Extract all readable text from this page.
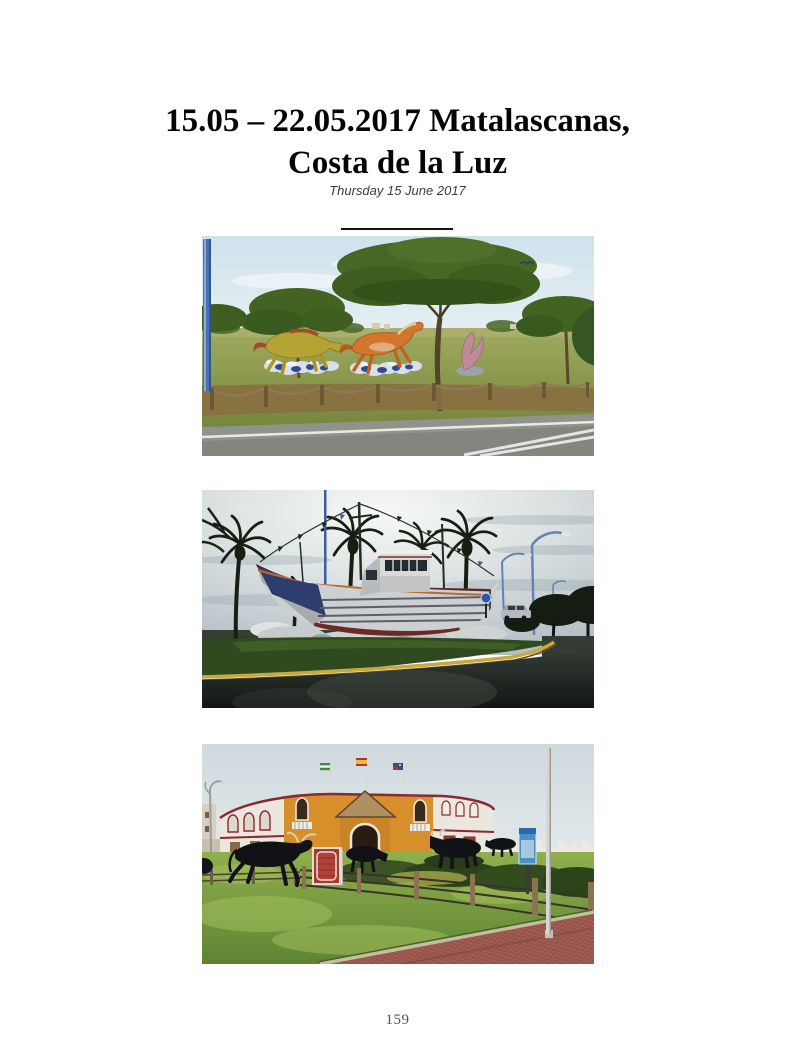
15.05 – 22.05.2017 Matalascanas,
Costa de la Luz
Thursday 15 June 2017
159
